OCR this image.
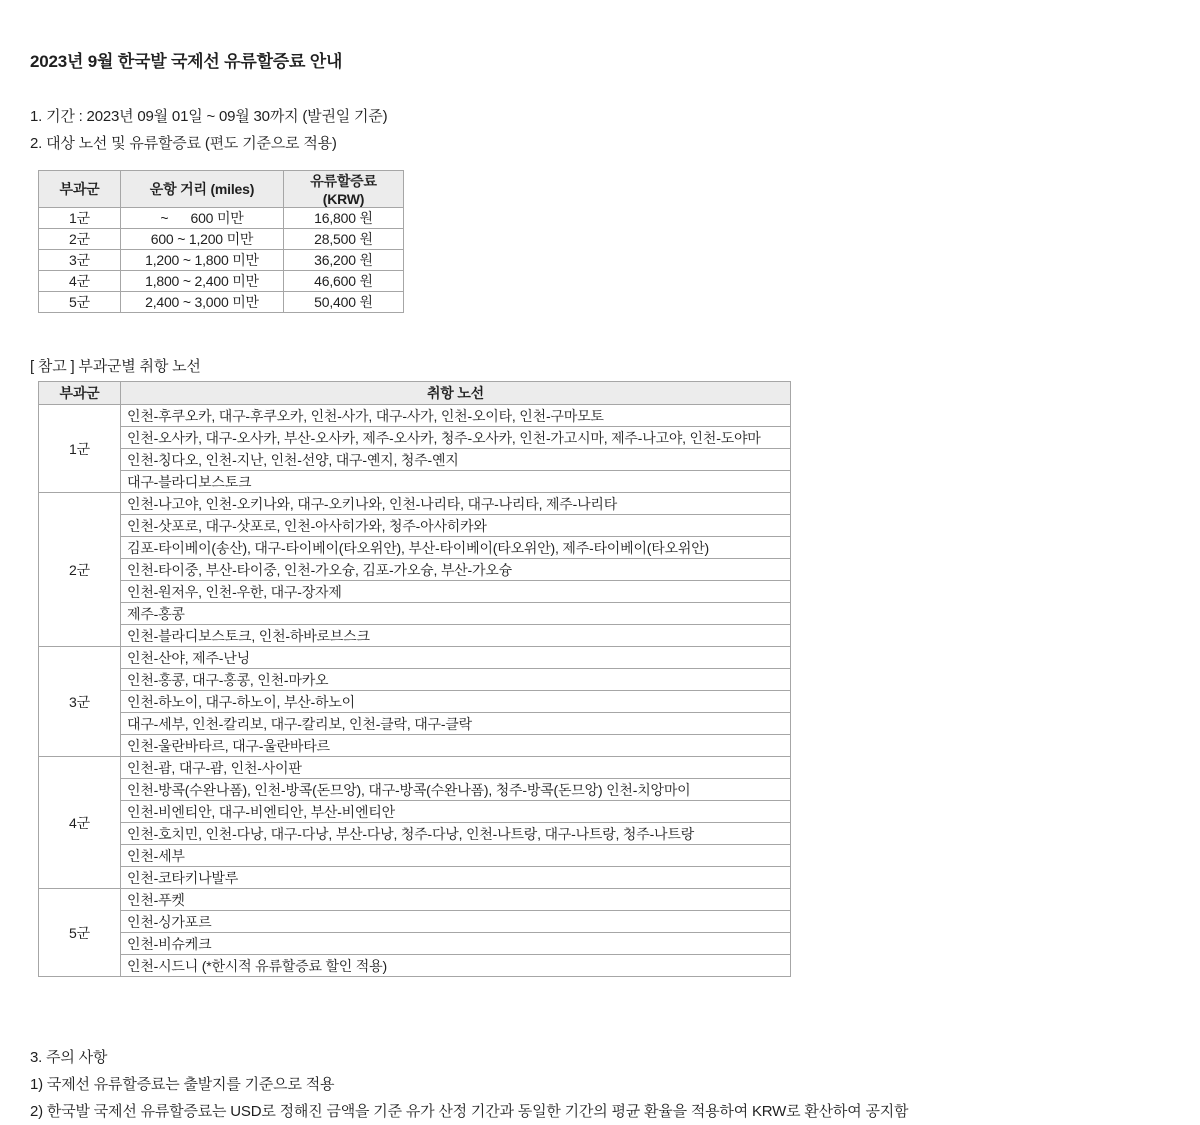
2023년 9월 한국발 국제선 유류할증료 안내

1. 기간 : 2023년 09월 01일 ~ 09월 30까지 (발권일 기준)

2. 대상 노선 및 유류할증료 (편도 기준으로 적용)

부과군	운항 거리 (miles)	유류할증료 (KRW)
1군	~      600 미만	16,800 원
2군	600 ~ 1,200 미만	28,500 원
3군	1,200 ~ 1,800 미만	36,200 원
4군	1,800 ~ 2,400 미만	46,600 원
5군	2,400 ~ 3,000 미만	50,400 원

[ 참고 ] 부과군별 취항 노선

부과군	취항 노선
1군	인천-후쿠오카, 대구-후쿠오카, 인천-사가, 대구-사가, 인천-오이타, 인천-구마모토
	인천-오사카, 대구-오사카, 부산-오사카, 제주-오사카, 청주-오사카, 인천-가고시마, 제주-나고야, 인천-도야마
	인천-칭다오, 인천-지난, 인천-선양, 대구-옌지, 청주-옌지
	대구-블라디보스토크
2군	인천-나고야, 인천-오키나와, 대구-오키나와, 인천-나리타, 대구-나리타, 제주-나리타
	인천-삿포로, 대구-삿포로, 인천-아사히가와, 청주-아사히카와
	김포-타이베이(송산), 대구-타이베이(타오위안), 부산-타이베이(타오위안), 제주-타이베이(타오위안)
	인천-타이중, 부산-타이중, 인천-가오슝, 김포-가오슝, 부산-가오슝
	인천-원저우, 인천-우한, 대구-장자제
	제주-홍콩
	인천-블라디보스토크, 인천-하바로브스크
3군	인천-산야, 제주-난닝
	인천-홍콩, 대구-홍콩, 인천-마카오
	인천-하노이, 대구-하노이, 부산-하노이
	대구-세부, 인천-칼리보, 대구-칼리보, 인천-클락, 대구-클락
	인천-울란바타르, 대구-울란바타르
4군	인천-괌, 대구-괌, 인천-사이판
	인천-방콕(수완나폼), 인천-방콕(돈므앙), 대구-방콕(수완나폼), 청주-방콕(돈므앙) 인천-치앙마이
	인천-비엔티안, 대구-비엔티안, 부산-비엔티안
	인천-호치민, 인천-다낭, 대구-다낭, 부산-다낭, 청주-다낭, 인천-나트랑, 대구-나트랑, 청주-나트랑
	인천-세부
	인천-코타키나발루
5군	인천-푸켓
	인천-싱가포르
	인천-비슈케크
	인천-시드니 (*한시적 유류할증료 할인 적용)

3. 주의 사항

1) 국제선 유류할증료는 출발지를 기준으로 적용

2) 한국발 국제선 유류할증료는 USD로 정해진 금액을 기준 유가 산정 기간과 동일한 기간의 평균 환율을 적용하여 KRW로 환산하여 공지함
